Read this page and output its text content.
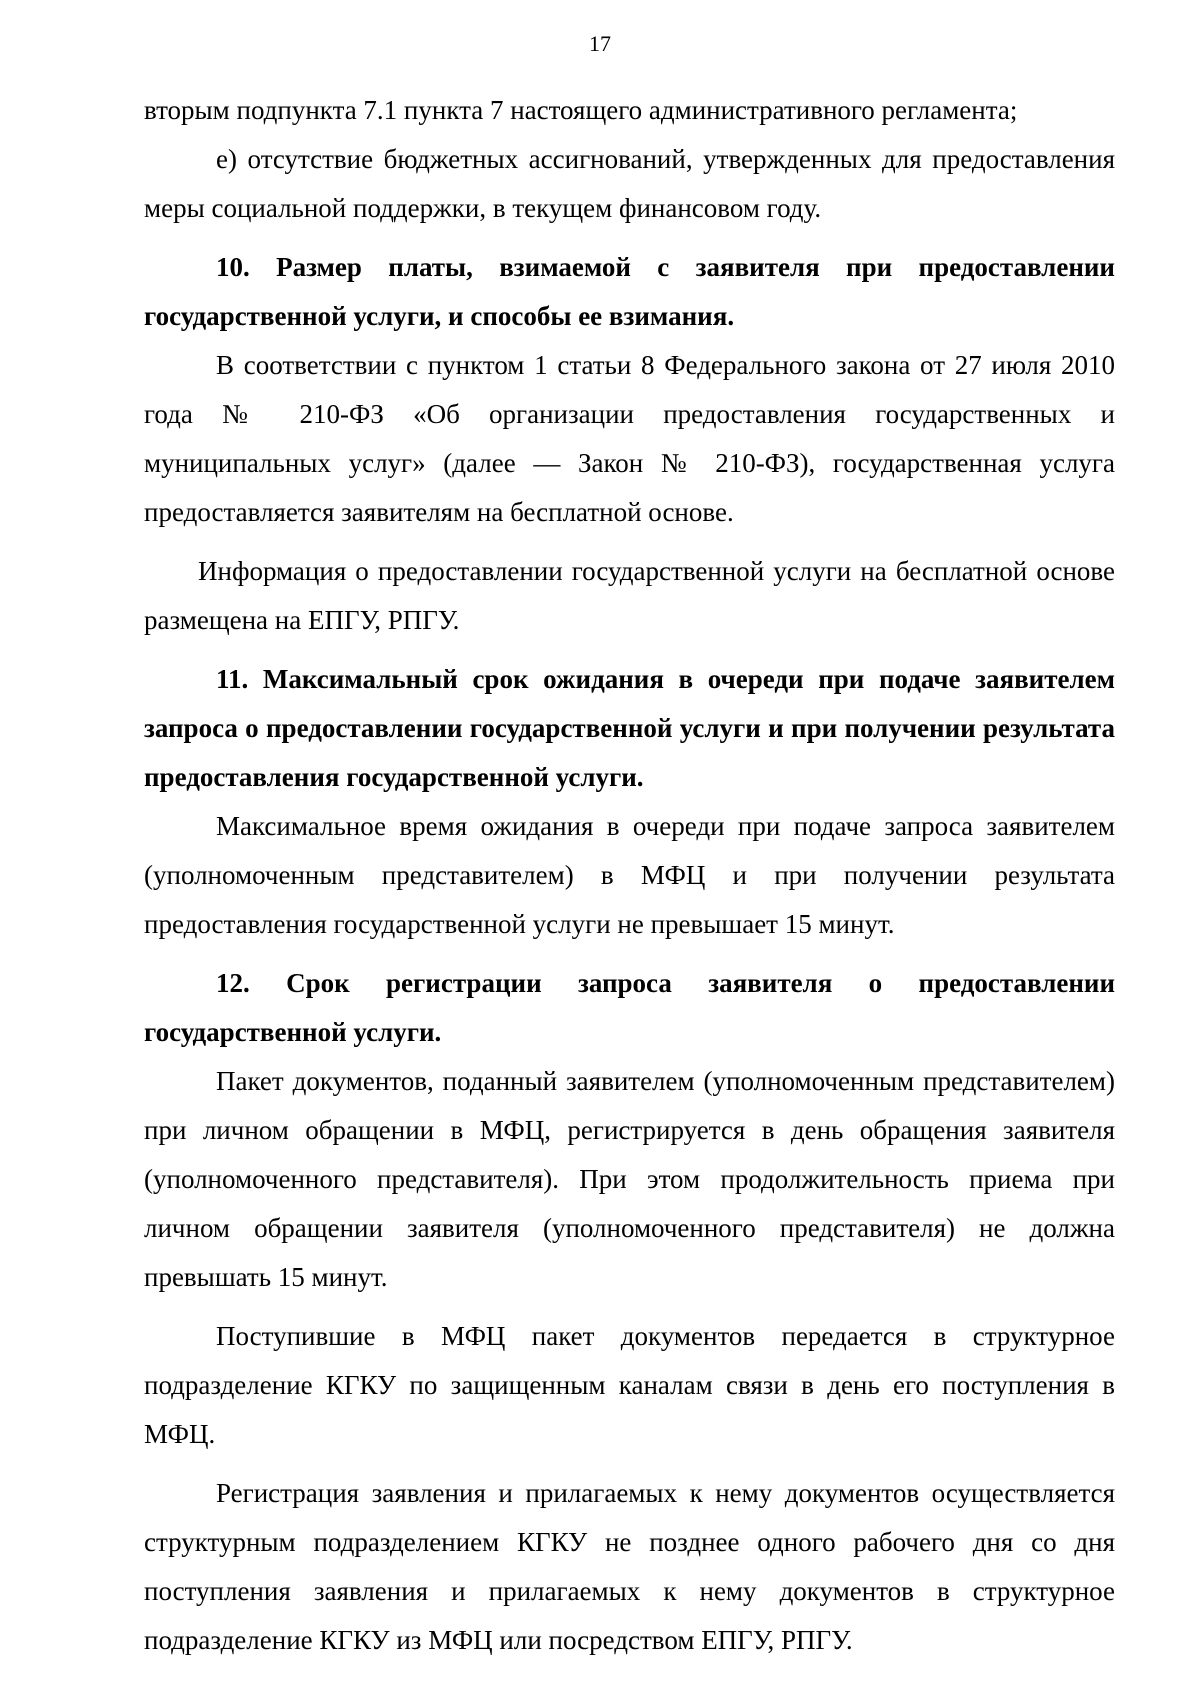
17

вторым подпункта 7.1 пункта 7 настоящего административного регламента;

е) отсутствие бюджетных ассигнований, утвержденных для предоставления меры социальной поддержки, в текущем финансовом году.

10. Размер платы, взимаемой с заявителя при предоставлении государственной услуги, и способы ее взимания.

В соответствии с пунктом 1 статьи 8 Федерального закона от 27 июля 2010 года № 210-ФЗ «Об организации предоставления государственных и муниципальных услуг» (далее — Закон № 210-ФЗ), государственная услуга предоставляется заявителям на бесплатной основе.

Информация о предоставлении государственной услуги на бесплатной основе размещена на ЕПГУ, РПГУ.

11. Максимальный срок ожидания в очереди при подаче заявителем запроса о предоставлении государственной услуги и при получении результата предоставления государственной услуги.

Максимальное время ожидания в очереди при подаче запроса заявителем (уполномоченным представителем) в МФЦ и при получении результата предоставления государственной услуги не превышает 15 минут.

12. Срок регистрации запроса заявителя о предоставлении государственной услуги.

Пакет документов, поданный заявителем (уполномоченным представителем) при личном обращении в МФЦ, регистрируется в день обращения заявителя (уполномоченного представителя). При этом продолжительность приема при личном обращении заявителя (уполномоченного представителя) не должна превышать 15 минут.

Поступившие в МФЦ пакет документов передается в структурное подразделение КГКУ по защищенным каналам связи в день его поступления в МФЦ.

Регистрация заявления и прилагаемых к нему документов осуществляется структурным подразделением КГКУ не позднее одного рабочего дня со дня поступления заявления и прилагаемых к нему документов в структурное подразделение КГКУ из МФЦ или посредством ЕПГУ, РПГУ.
